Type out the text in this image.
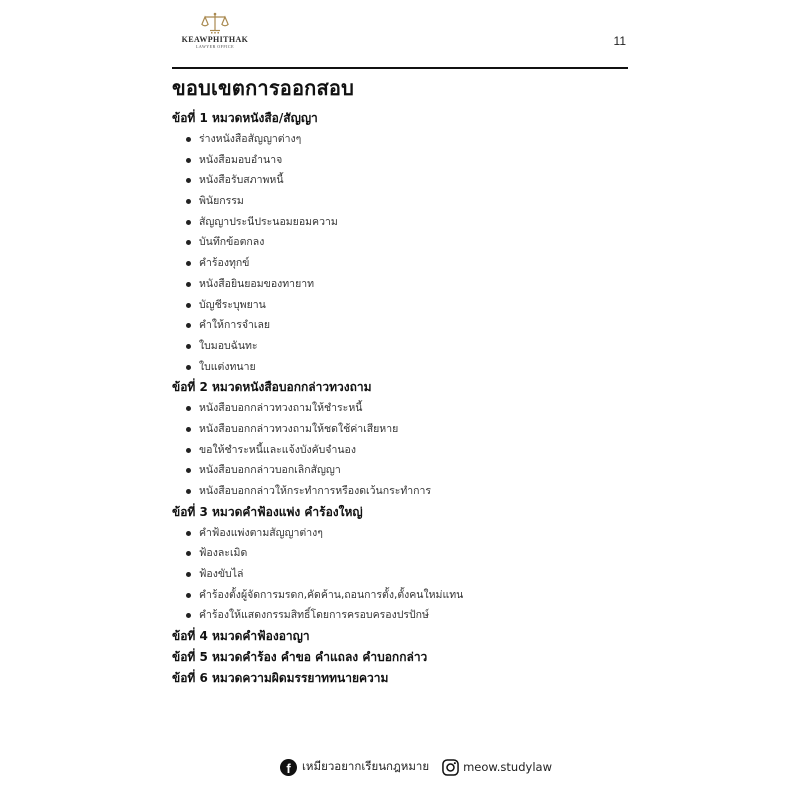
KEAWPHITHAK
LAWYER OFFICE	11
ขอบเขตการออกสอบ
ข้อที่ 1 หมวดหนังสือ/สัญญา
ร่างหนังสือสัญญาต่างๆ
หนังสือมอบอำนาจ
หนังสือรับสภาพหนี้
พินัยกรรม
สัญญาประนีประนอมยอมความ
บันทึกข้อตกลง
คำร้องทุกข์
หนังสือยินยอมของทายาท
บัญชีระบุพยาน
คำให้การจำเลย
ใบมอบฉันทะ
ใบแต่งทนาย
ข้อที่ 2 หมวดหนังสือบอกกล่าวทวงถาม
หนังสือบอกกล่าวทวงถามให้ชำระหนี้
หนังสือบอกกล่าวทวงถามให้ชดใช้ค่าเสียหาย
ขอให้ชำระหนี้และแจ้งบังคับจำนอง
หนังสือบอกกล่าวบอกเลิกสัญญา
หนังสือบอกกล่าวให้กระทำการหรืองดเว้นกระทำการ
ข้อที่ 3 หมวดคำฟ้องแพ่ง คำร้องใหญ่
คำฟ้องแพ่งตามสัญญาต่างๆ
ฟ้องละเมิด
ฟ้องขับไล่
คำร้องตั้งผู้จัดการมรดก,คัดค้าน,ถอนการตั้ง,ตั้งคนใหม่แทน
คำร้องให้แสดงกรรมสิทธิ์โดยการครอบครองปรปักษ์
ข้อที่ 4 หมวดคำฟ้องอาญา
ข้อที่ 5 หมวดคำร้อง คำขอ คำแถลง คำบอกกล่าว
ข้อที่ 6 หมวดความผิดมรรยาททนายความ
f เหมียวอยากเรียนกฎหมาย	meow.studylaw
